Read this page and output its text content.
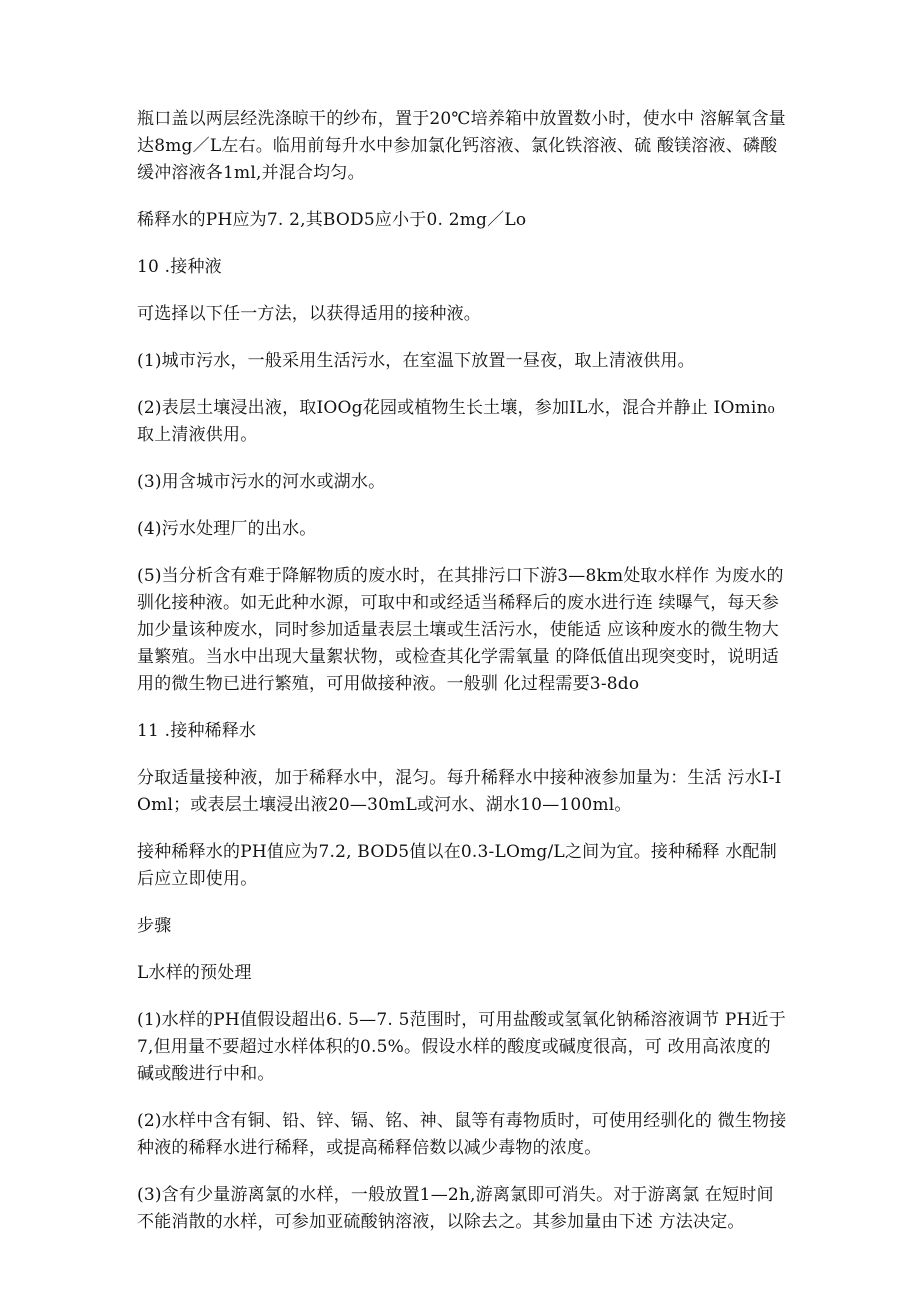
瓶口盖以两层经洗涤晾干的纱布，置于20℃培养箱中放置数小时，使水中 溶解氧含量达8mg／L左右。临用前每升水中参加氯化钙溶液、氯化铁溶液、硫 酸镁溶液、磷酸缓冲溶液各1ml,并混合均匀。

稀释水的PH应为7. 2,其BOD5应小于0. 2mg／Lo

10 .接种液

可选择以下任一方法，以获得适用的接种液。

(1)城市污水，一般采用生活污水，在室温下放置一昼夜，取上清液供用。

(2)表层土壤浸出液，取IOOg花园或植物生长土壤，参加IL水，混合并静止 IOmin₀取上清液供用。

(3)用含城市污水的河水或湖水。

(4)污水处理厂的出水。

(5)当分析含有难于降解物质的废水时，在其排污口下游3—8km处取水样作 为废水的驯化接种液。如无此种水源，可取中和或经适当稀释后的废水进行连 续曝气，每天参加少量该种废水，同时参加适量表层土壤或生活污水，使能适 应该种废水的微生物大量繁殖。当水中出现大量絮状物，或检查其化学需氧量 的降低值出现突变时，说明适用的微生物已进行繁殖，可用做接种液。一般驯 化过程需要3-8do

11 .接种稀释水

分取适量接种液，加于稀释水中，混匀。每升稀释水中接种液参加量为：生活 污水I-IOml；或表层土壤浸出液20—30mL或河水、湖水10—100ml。

接种稀释水的PH值应为7.2, BOD5值以在0.3-LOmg/L之间为宜。接种稀释 水配制后应立即使用。

步骤

L水样的预处理

(1)水样的PH值假设超出6. 5—7. 5范围时，可用盐酸或氢氧化钠稀溶液调节 PH近于7,但用量不要超过水样体积的0.5%。假设水样的酸度或碱度很高，可 改用高浓度的碱或酸进行中和。

(2)水样中含有铜、铅、锌、镉、铭、神、鼠等有毒物质时，可使用经驯化的 微生物接种液的稀释水进行稀释，或提高稀释倍数以减少毒物的浓度。

(3)含有少量游离氯的水样，一般放置1—2h,游离氯即可消失。对于游离氯 在短时间不能消散的水样，可参加亚硫酸钠溶液，以除去之。其参加量由下述 方法决定。
